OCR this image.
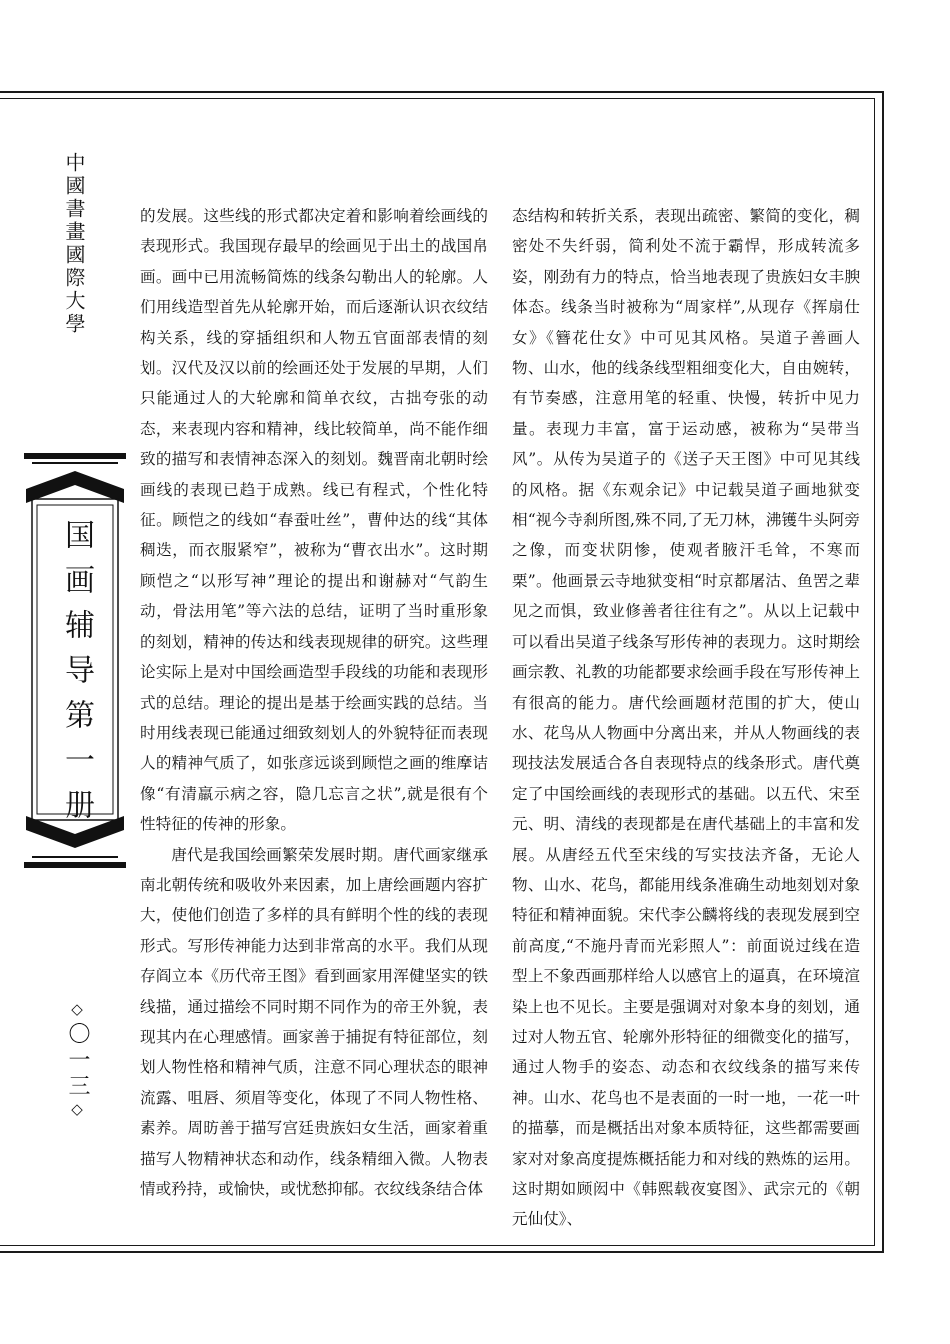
中國書畫國際大學
国画辅导第一册
◇〇一三◇

的发展。这些线的形式都决定着和影响着绘画线的表现形式。我国现存最早的绘画见于出土的战国帛画。画中已用流畅简炼的线条勾勒出人的轮廓。人们用线造型首先从轮廓开始，而后逐渐认识衣纹结构关系，线的穿插组织和人物五官面部表情的刻划。汉代及汉以前的绘画还处于发展的早期，人们只能通过人的大轮廓和简单衣纹，古拙夸张的动态，来表现内容和精神，线比较简单，尚不能作细致的描写和表情神态深入的刻划。魏晋南北朝时绘画线的表现已趋于成熟。线已有程式，个性化特征。顾恺之的线如“春蚕吐丝”，曹仲达的线“其体稠迭，而衣服紧窄”，被称为“曹衣出水”。这时期顾恺之“以形写神”理论的提出和谢赫对“气韵生动，骨法用笔”等六法的总结，证明了当时重形象的刻划，精神的传达和线表现规律的研究。这些理论实际上是对中国绘画造型手段线的功能和表现形式的总结。理论的提出是基于绘画实践的总结。当时用线表现已能通过细致刻划人的外貌特征而表现人的精神气质了，如张彦远谈到顾恺之画的维摩诘像“有清羸示病之容，隐几忘言之状”,就是很有个性特征的传神的形象。

唐代是我国绘画繁荣发展时期。唐代画家继承南北朝传统和吸收外来因素，加上唐绘画题内容扩大，使他们创造了多样的具有鲜明个性的线的表现形式。写形传神能力达到非常高的水平。我们从现存阎立本《历代帝王图》看到画家用浑健坚实的铁线描，通过描绘不同时期不同作为的帝王外貌，表现其内在心理感情。画家善于捕捉有特征部位，刻划人物性格和精神气质，注意不同心理状态的眼神流露、咀唇、须眉等变化，体现了不同人物性格、素养。周昉善于描写宫廷贵族妇女生活，画家着重描写人物精神状态和动作，线条精细入微。人物表情或矜持，或愉快，或忧愁抑郁。衣纹线条结合体

态结构和转折关系，表现出疏密、繁简的变化，稠密处不失纤弱，简利处不流于霸悍，形成转流多姿，刚劲有力的特点，恰当地表现了贵族妇女丰腴体态。线条当时被称为“周家样”,从现存《挥扇仕女》《簪花仕女》中可见其风格。吴道子善画人物、山水，他的线条线型粗细变化大，自由婉转，有节奏感，注意用笔的轻重、快慢，转折中见力量。表现力丰富，富于运动感，被称为“吴带当风”。从传为吴道子的《送子天王图》中可见其线的风格。据《东观余记》中记载吴道子画地狱变相“视今寺刹所图,殊不同,了无刀林，沸镬牛头阿旁之像，而变状阴惨，使观者腋汗毛耸，不寒而栗”。他画景云寺地狱变相“时京都屠沽、鱼罟之辈见之而惧，致业修善者往往有之”。从以上记载中可以看出吴道子线条写形传神的表现力。这时期绘画宗教、礼教的功能都要求绘画手段在写形传神上有很高的能力。唐代绘画题材范围的扩大，使山水、花鸟从人物画中分离出来，并从人物画线的表现技法发展适合各自表现特点的线条形式。唐代奠定了中国绘画线的表现形式的基础。以五代、宋至元、明、清线的表现都是在唐代基础上的丰富和发展。从唐经五代至宋线的写实技法齐备，无论人物、山水、花鸟，都能用线条准确生动地刻划对象特征和精神面貌。宋代李公麟将线的表现发展到空前高度,“不施丹青而光彩照人”：前面说过线在造型上不象西画那样给人以感官上的逼真，在环境渲染上也不见长。主要是强调对对象本身的刻划，通过对人物五官、轮廓外形特征的细微变化的描写，通过人物手的姿态、动态和衣纹线条的描写来传神。山水、花鸟也不是表面的一时一地，一花一叶的描摹，而是概括出对象本质特征，这些都需要画家对对象高度提炼概括能力和对线的熟炼的运用。这时期如顾闳中《韩熙载夜宴图》、武宗元的《朝元仙仗》、
